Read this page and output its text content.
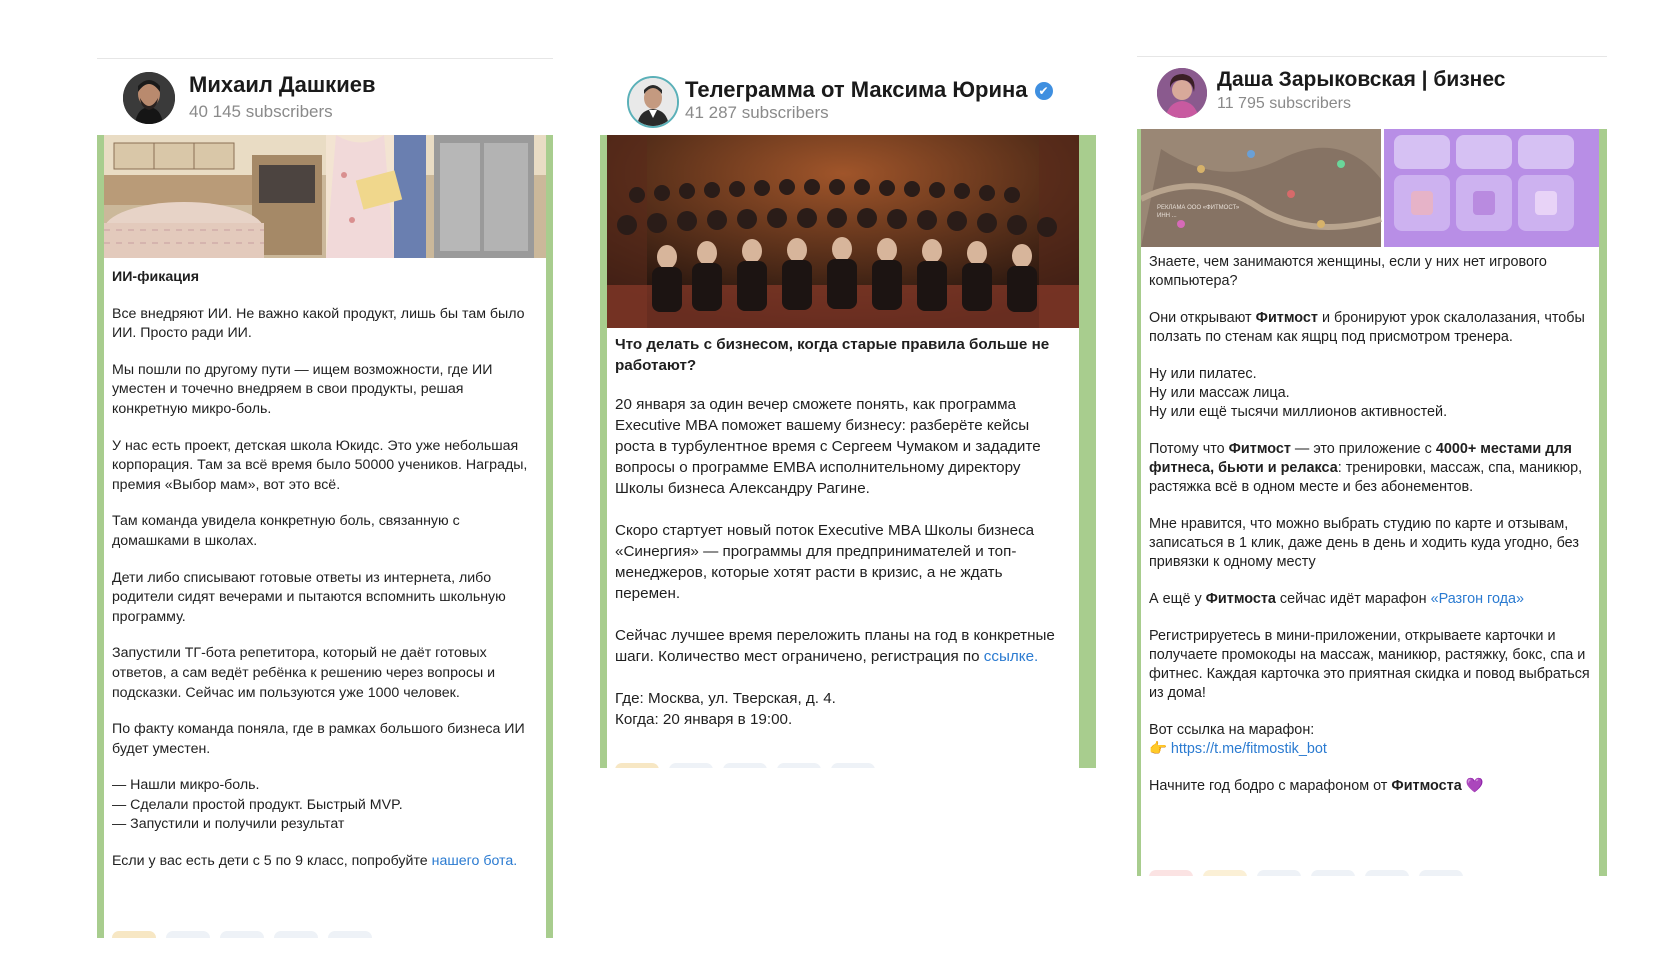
Михаил Дашкиев
40 145 subscribers

ИИ-фикация

Все внедряют ИИ. Не важно какой продукт, лишь бы там было ИИ. Просто ради ИИ.

Мы пошли по другому пути — ищем возможности, где ИИ уместен и точечно внедряем в свои продукты, решая конкретную микро-боль.

У нас есть проект, детская школа Юкидс. Это уже небольшая корпорация. Там за всё время было 50000 учеников. Награды, премия «Выбор мам», вот это всё.

Там команда увидела конкретную боль, связанную с домашками в школах.

Дети либо списывают готовые ответы из интернета, либо родители сидят вечерами и пытаются вспомнить школьную программу.

Запустили ТГ-бота репетитора, который не даёт готовых ответов, а сам ведёт ребёнка к решению через вопросы и подсказки. Сейчас им пользуются уже 1000 человек.

По факту команда поняла, где в рамках большого бизнеса ИИ будет уместен.

— Нашли микро-боль.
— Сделали простой продукт. Быстрый MVP.
— Запустили и получили результат

Если у вас есть дети с 5 по 9 класс, попробуйте нашего бота.

Телеграмма от Максима Юрина ✔
41 287 subscribers

Что делать с бизнесом, когда старые правила больше не работают?

20 января за один вечер сможете понять, как программа Executive MBA поможет вашему бизнесу: разберёте кейсы роста в турбулентное время с Сергеем Чумаком и зададите вопросы о программе EMBA исполнительному директору Школы бизнеса Александру Рагине.

Скоро стартует новый поток Executive MBA Школы бизнеса «Синергия» — программы для предпринимателей и топ-менеджеров, которые хотят расти в кризис, а не ждать перемен.

Сейчас лучшее время переложить планы на год в конкретные шаги. Количество мест ограничено, регистрация по ссылке.

Где: Москва, ул. Тверская, д. 4.
Когда: 20 января в 19:00.

Даша Зарыковская | бизнес
11 795 subscribers
РЕКЛАМА ООО «ФИТМОСТ»
ИНН ...

Знаете, чем занимаются женщины, если у них нет игрового компьютера?

Они открывают Фитмост и бронируют урок скалолазания, чтобы ползать по стенам как ящрц под присмотром тренера.

Ну или пилатес.
Ну или массаж лица.
Ну или ещё тысячи миллионов активностей.

Потому что Фитмост — это приложение с 4000+ местами для фитнеса, бьюти и релакса: тренировки, массаж, спа, маникюр, растяжка всё в одном месте и без абонементов.

Мне нравится, что можно выбрать студию по карте и отзывам, записаться в 1 клик, даже день в день и ходить куда угодно, без привязки к одному месту

А ещё у Фитмоста сейчас идёт марафон «Разгон года»

Регистрируетесь в мини-приложении, открываете карточки и получаете промокоды на массаж, маникюр, растяжку, бокс, спа и фитнес. Каждая карточка это приятная скидка и повод выбраться из дома!

Вот ссылка на марафон:
👉 https://t.me/fitmostik_bot

Начните год бодро с марафоном от Фитмоста 💜
